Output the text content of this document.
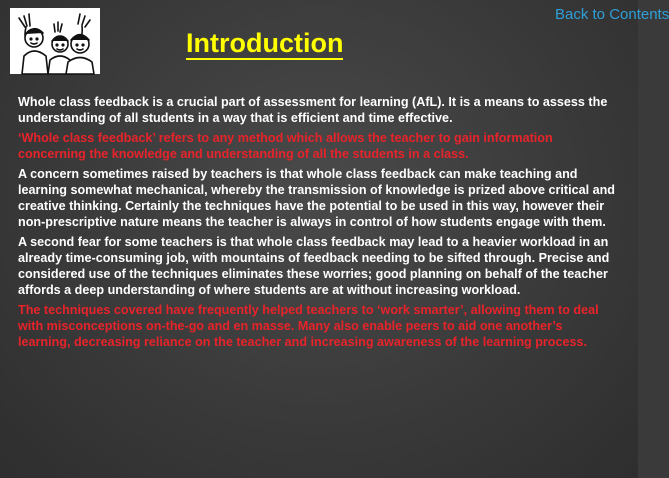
Back to Contents
Introduction

Whole class feedback is a crucial part of assessment for learning (AfL). It is a means to assess the understanding of all students in a way that is efficient and time effective.

‘Whole class feedback’ refers to any method which allows the teacher to gain information concerning the knowledge and understanding of all the students in a class.

A concern sometimes raised by teachers is that whole class feedback can make teaching and learning somewhat mechanical, whereby the transmission of knowledge is prized above critical and creative thinking. Certainly the techniques have the potential to be used in this way, however their non-prescriptive nature means the teacher is always in control of how students engage with them.

A second fear for some teachers is that whole class feedback may lead to a heavier workload in an already time-consuming job, with mountains of feedback needing to be sifted through. Precise and considered use of the techniques eliminates these worries; good planning on behalf of the teacher affords a deep understanding of where students are at without increasing workload.

The techniques covered have frequently helped teachers to ‘work smarter’, allowing them to deal with misconceptions on-the-go and en masse. Many also enable peers to aid one another’s learning, decreasing reliance on the teacher and increasing awareness of the learning process.
